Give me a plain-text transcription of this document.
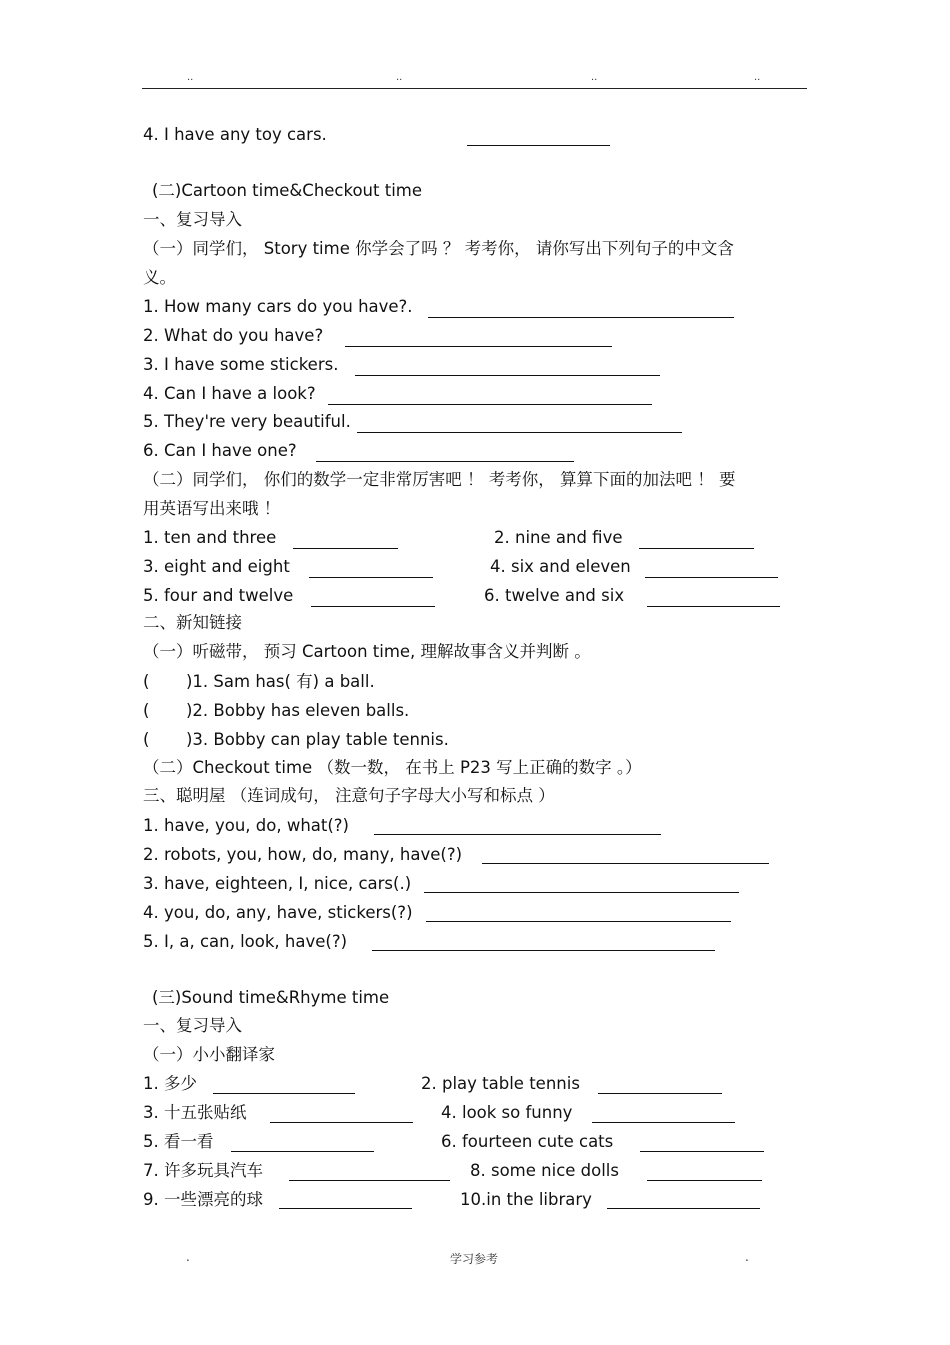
..	..	..	..
4. I have any toy cars.
(二)Cartoon time&Checkout time
一、复习导入
（一）同学们， Story time 你学会了吗 ？ 考考你， 请你写出下列句子的中文含
义。
1. How many cars do you have?.
2. What do you have?
3. I have some stickers.
4. Can I have a look?
5. They're very beautiful.
6. Can I have one?
（二）同学们， 你们的数学一定非常厉害吧 ！ 考考你， 算算下面的加法吧 ！ 要
用英语写出来哦 ！
1. ten and three	2. nine and five
3. eight and eight	4. six and eleven
5. four and twelve	6. twelve and six
二、新知链接
（一）听磁带， 预习 Cartoon time, 理解故事含义并判断 。
( )1. Sam has( 有) a ball.
( )2. Bobby has eleven balls.
( )3. Bobby can play table tennis.
（二）Checkout time （数一数， 在书上 P23 写上正确的数字 。）
三、聪明屋 （连词成句， 注意句子字母大小写和标点 ）
1. have, you, do, what(?)
2. robots, you, how, do, many, have(?)
3. have, eighteen, I, nice, cars(.)
4. you, do, any, have, stickers(?)
5. I, a, can, look, have(?)
(三)Sound time&Rhyme time
一、复习导入
（一）小小翻译家
1. 多少	2. play table tennis
3. 十五张贴纸	4. look so funny
5. 看一看	6. fourteen cute cats
7. 许多玩具汽车	8. some nice dolls
9. 一些漂亮的球	10.in the library
.	学习参考	.
